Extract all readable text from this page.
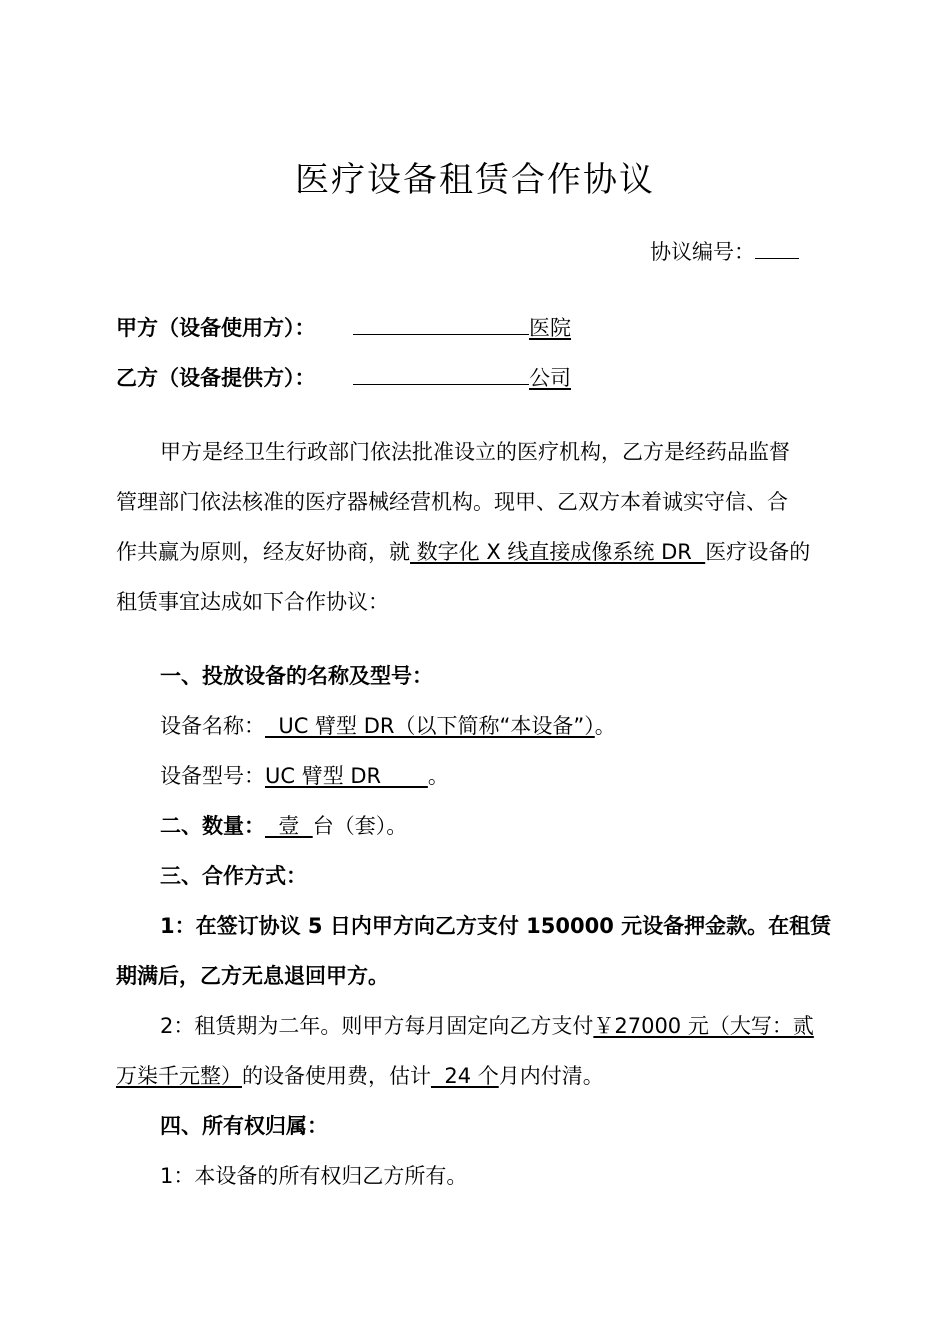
医疗设备租赁合作协议
协议编号：
甲方（设备使用方）：	医院
乙方（设备提供方）：	公司
甲方是经卫生行政部门依法批准设立的医疗机构，乙方是经药品监督
管理部门依法核准的医疗器械经营机构。现甲、乙双方本着诚实守信、合
作共赢为原则，经友好协商，就 数字化 X 线直接成像系统 DR  医疗设备的
租赁事宜达成如下合作协议：
一、投放设备的名称及型号：
设备名称：  UC 臂型 DR（以下简称“本设备”）。
设备型号：UC 臂型 DR       。
二、数量：  壹  台（套）。
三、合作方式：
1：在签订协议 5 日内甲方向乙方支付 150000 元设备押金款。在租赁
期满后，乙方无息退回甲方。
2：租赁期为二年。则甲方每月固定向乙方支付￥27000 元（大写：贰
万柒千元整）的设备使用费，估计  24 个月内付清。
四、所有权归属：
1：本设备的所有权归乙方所有。
